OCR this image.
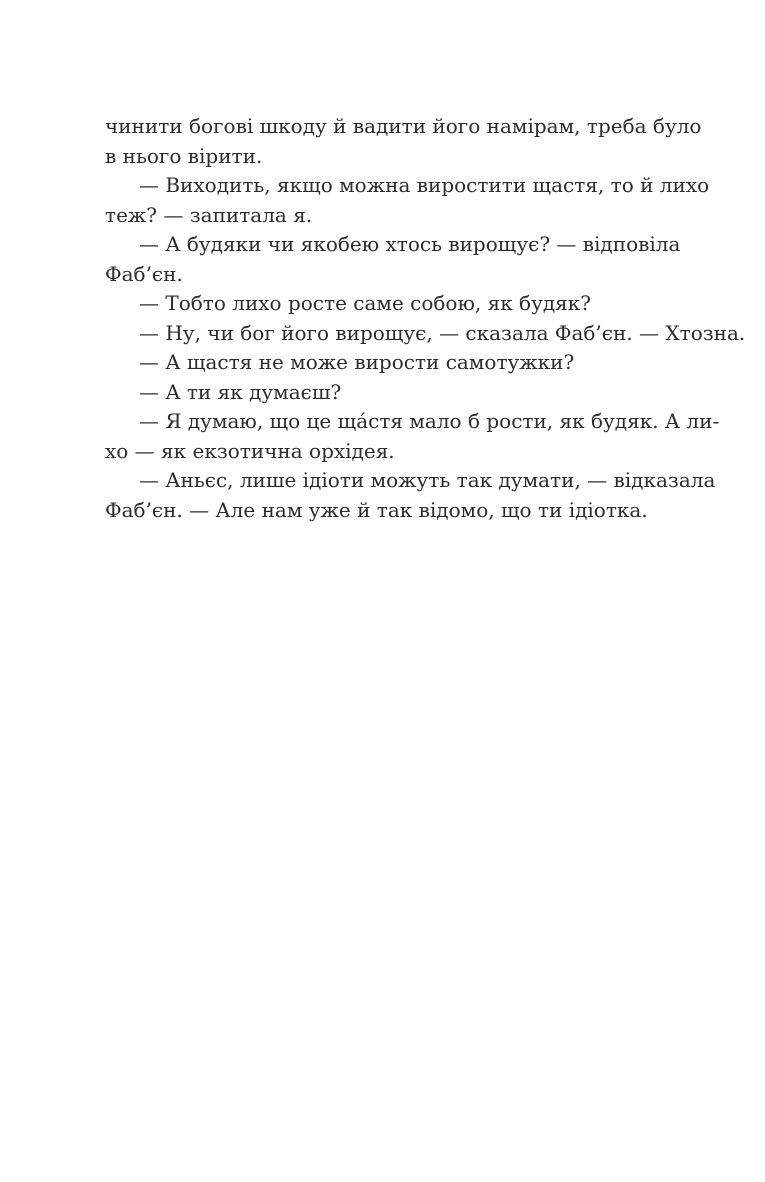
чинити богові шкоду й вадити його намірам, треба було
в нього вірити.
— Виходить, якщо можна виростити щастя, то й лихо
теж? — запитала я.
— А будяки чи якобею хтось вирощує? — відповіла
Фаб’єн.
— Тобто лихо росте саме собою, як будяк?
— Ну, чи бог його вирощує, — сказала Фаб’єн. — Хтозна.
— А щастя не може вирости самотужки?
— А ти як думаєш?
— Я думаю, що це ща́стя мало б рости, як будяк. А ли-
хо — як екзотична орхідея.
— Аньєс, лише ідіоти можуть так думати, — відказала
Фаб’єн. — Але нам уже й так відомо, що ти ідіотка.
